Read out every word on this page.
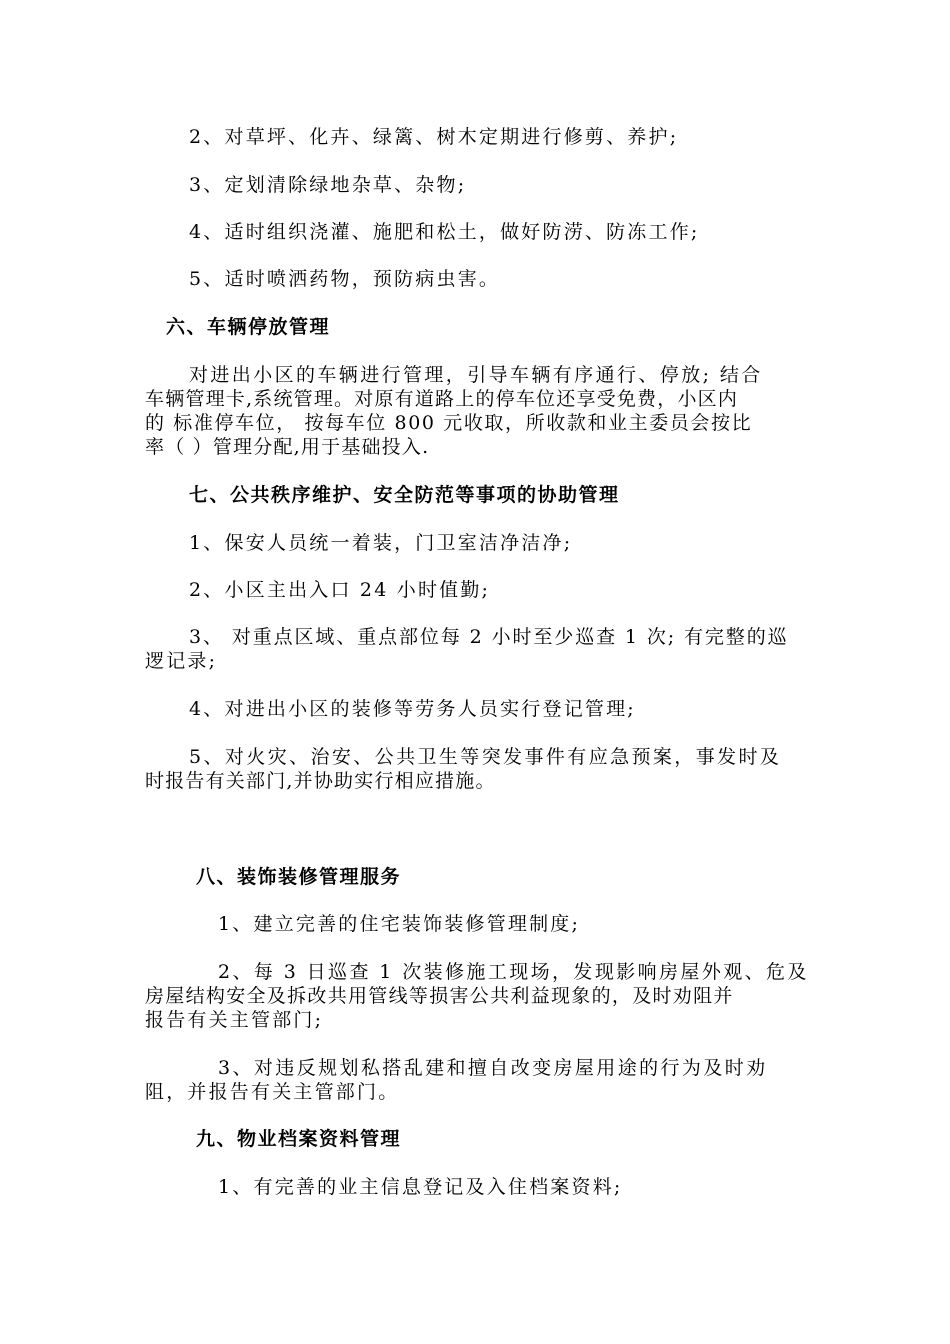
2、对草坪、化卉、绿篱、树木定期进行修剪、养护;
3、定划清除绿地杂草、杂物;
4、适时组织浇灌、施肥和松土，做好防涝、防冻工作;
5、适时喷洒药物，预防病虫害。
六、车辆停放管理
对进出小区的车辆进行管理，引导车辆有序通行、停放; 结合
车辆管理卡,系统管理。对原有道路上的停车位还享受免费，小区内
的 标准停车位， 按每车位 800 元收取，所收款和业主委员会按比
率（ ）管理分配,用于基础投入.
七、公共秩序维护、安全防范等事项的协助管理
1、保安人员统一着装，门卫室洁净洁净;
2、小区主出入口 24 小时值勤;
3、 对重点区域、重点部位每 2 小时至少巡查 1 次; 有完整的巡
逻记录;
4、对进出小区的装修等劳务人员实行登记管理;
5、对火灾、治安、公共卫生等突发事件有应急预案，事发时及
时报告有关部门,并协助实行相应措施。
八、装饰装修管理服务
1、建立完善的住宅装饰装修管理制度;
2、每 3 日巡查 1 次装修施工现场，发现影响房屋外观、危及
房屋结构安全及拆改共用管线等损害公共利益现象的，及时劝阻并
报告有关主管部门;
3、对违反规划私搭乱建和擅自改变房屋用途的行为及时劝
阻，并报告有关主管部门。
九、物业档案资料管理
1、有完善的业主信息登记及入住档案资料;
